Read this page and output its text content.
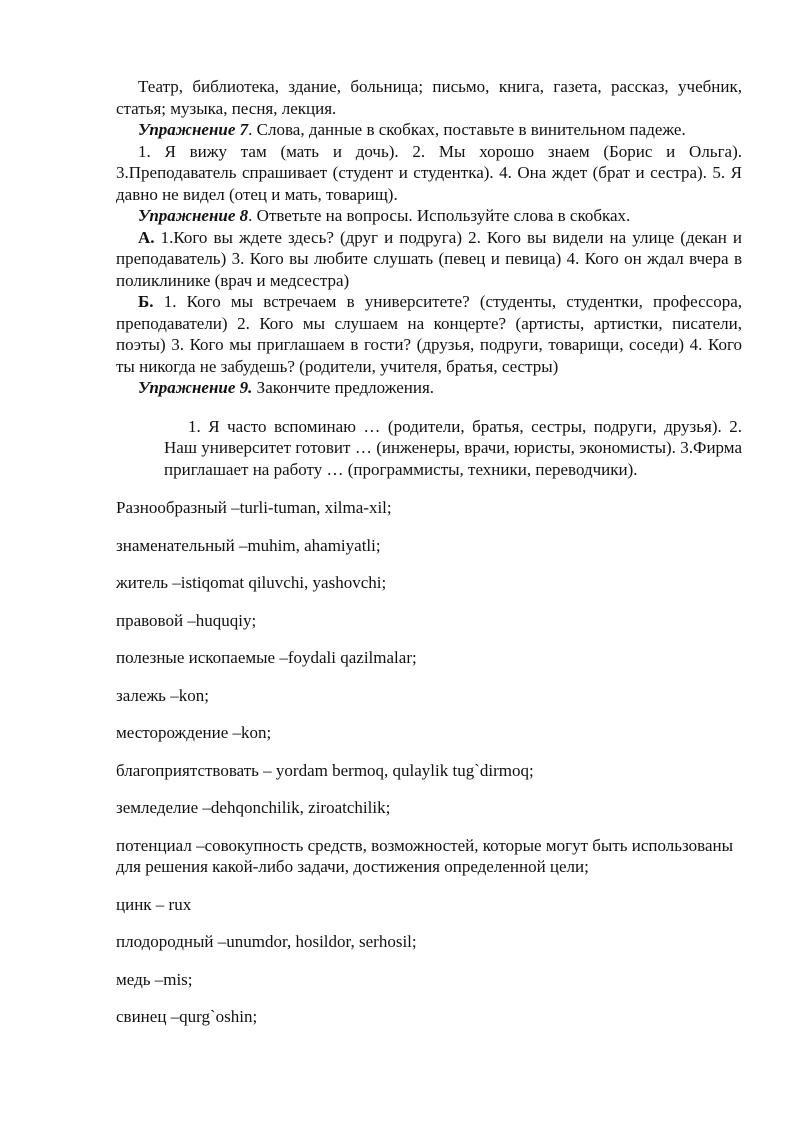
Театр, библиотека, здание, больница; письмо, книга, газета, рассказ, учебник, статья; музыка, песня, лекция.

Упражнение 7. Слова, данные в скобках, поставьте в винительном падеже.

1. Я вижу там (мать и дочь). 2. Мы хорошо знаем (Борис и Ольга). 3.Преподаватель спрашивает (студент и студентка). 4. Она ждет (брат и сестра). 5. Я давно не видел (отец и мать, товарищ).

Упражнение 8. Ответьте на вопросы. Используйте слова в скобках.

А. 1.Кого вы ждете здесь? (друг и подруга) 2. Кого вы видели на улице (декан и преподаватель) 3. Кого вы любите слушать (певец и певица) 4. Кого он ждал вчера в поликлинике (врач и медсестра)

Б. 1. Кого мы встречаем в университете? (студенты, студентки, профессора, преподаватели) 2. Кого мы слушаем на концерте? (артисты, артистки, писатели, поэты) 3. Кого мы приглашаем в гости? (друзья, подруги, товарищи, соседи) 4. Кого ты никогда не забудешь? (родители, учителя, братья, сестры)

Упражнение 9. Закончите предложения.

1. Я часто вспоминаю … (родители, братья, сестры, подруги, друзья). 2. Наш университет готовит … (инженеры, врачи, юристы, экономисты). 3.Фирма приглашает на работу … (программисты, техники, переводчики).

Разнообразный –turli-tuman, xilma-xil;

знаменательный –muhim, ahamiyatli;

житель –istiqomat qiluvchi, yashovchi;

правовой –huquqiy;

полезные ископаемые –foydali qazilmalar;

залежь –kon;

месторождение –kon;

благоприятствовать – yordam bermoq, qulaylik tug`dirmoq;

земледелие –dehqonchilik, ziroatchilik;

потенциал –совокупность средств, возможностей, которые могут быть использованы для решения какой-либо задачи, достижения определенной цели;

цинк – rux

плодородный –unumdor, hosildor, serhosil;

медь –mis;

свинец –qurg`oshin;
